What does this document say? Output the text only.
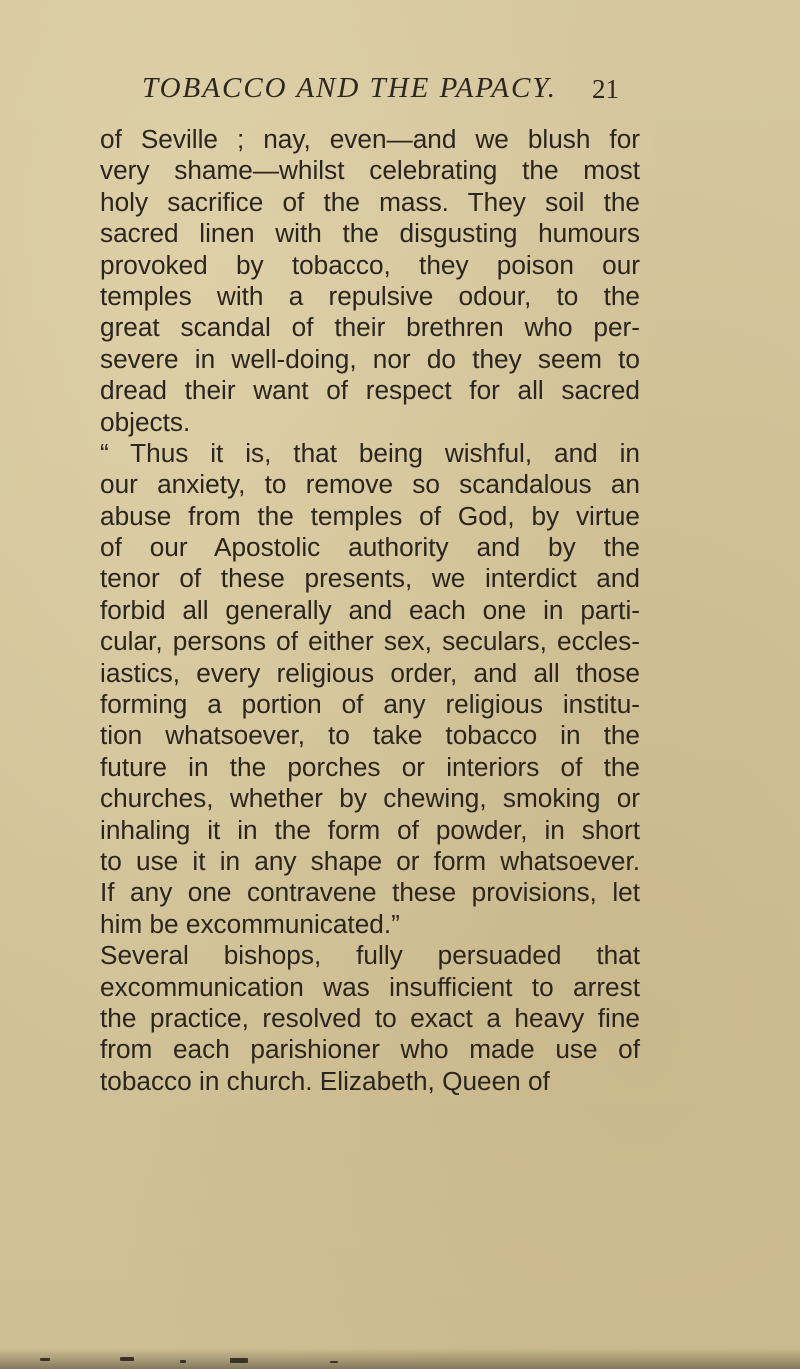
TOBACCO AND THE PAPACY.	21
of Seville ; nay, even—and we blush for
very shame—whilst celebrating the most
holy sacrifice of the mass. They soil the
sacred linen with the disgusting humours
provoked by tobacco, they poison our
temples with a repulsive odour, to the
great scandal of their brethren who per-
severe in well-doing, nor do they seem to
dread their want of respect for all sacred
objects.
“ Thus it is, that being wishful, and in
our anxiety, to remove so scandalous an
abuse from the temples of God, by virtue
of our Apostolic authority and by the
tenor of these presents, we interdict and
forbid all generally and each one in parti-
cular, persons of either sex, seculars, eccles-
iastics, every religious order, and all those
forming a portion of any religious institu-
tion whatsoever, to take tobacco in the
future in the porches or interiors of the
churches, whether by chewing, smoking or
inhaling it in the form of powder, in short
to use it in any shape or form whatsoever.
If any one contravene these provisions, let
him be excommunicated.”
Several bishops, fully persuaded that
excommunication was insufficient to arrest
the practice, resolved to exact a heavy fine
from each parishioner who made use of
tobacco in church. Elizabeth, Queen of
